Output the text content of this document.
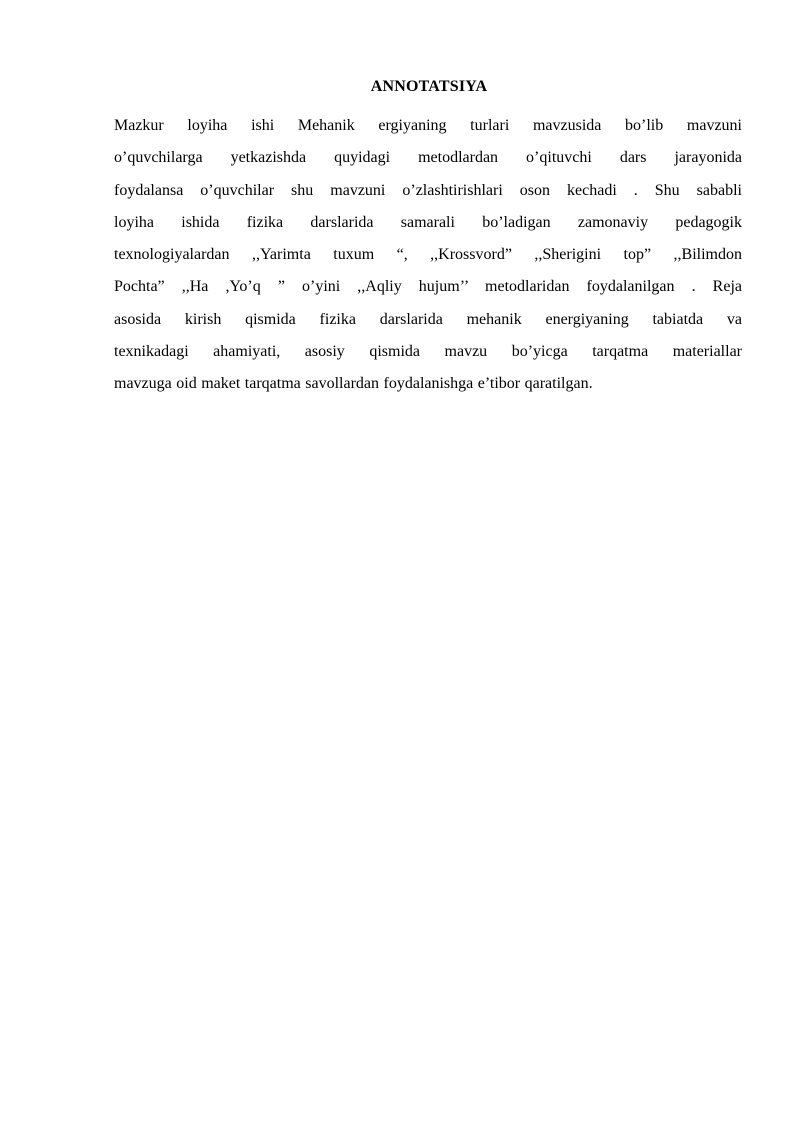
ANNOTATSIYA
Mazkur loyiha ishi Mehanik ergiyaning turlari mavzusida bo’lib mavzuni
o’quvchilarga yetkazishda quyidagi metodlardan o’qituvchi dars jarayonida
foydalansa o’quvchilar shu mavzuni o’zlashtirishlari oson kechadi . Shu sababli
loyiha ishida fizika darslarida samarali bo’ladigan zamonaviy pedagogik
texnologiyalardan ,,Yarimta tuxum “, ,,Krossvord” ,,Sherigini top” ,,Bilimdon
Pochta” ,,Ha ,Yo’q ” o’yini ,,Aqliy hujum’’ metodlaridan foydalanilgan . Reja
asosida kirish qismida fizika darslarida mehanik energiyaning tabiatda va
texnikadagi ahamiyati, asosiy qismida mavzu bo’yicga tarqatma materiallar
mavzuga oid maket tarqatma savollardan foydalanishga e’tibor qaratilgan.
